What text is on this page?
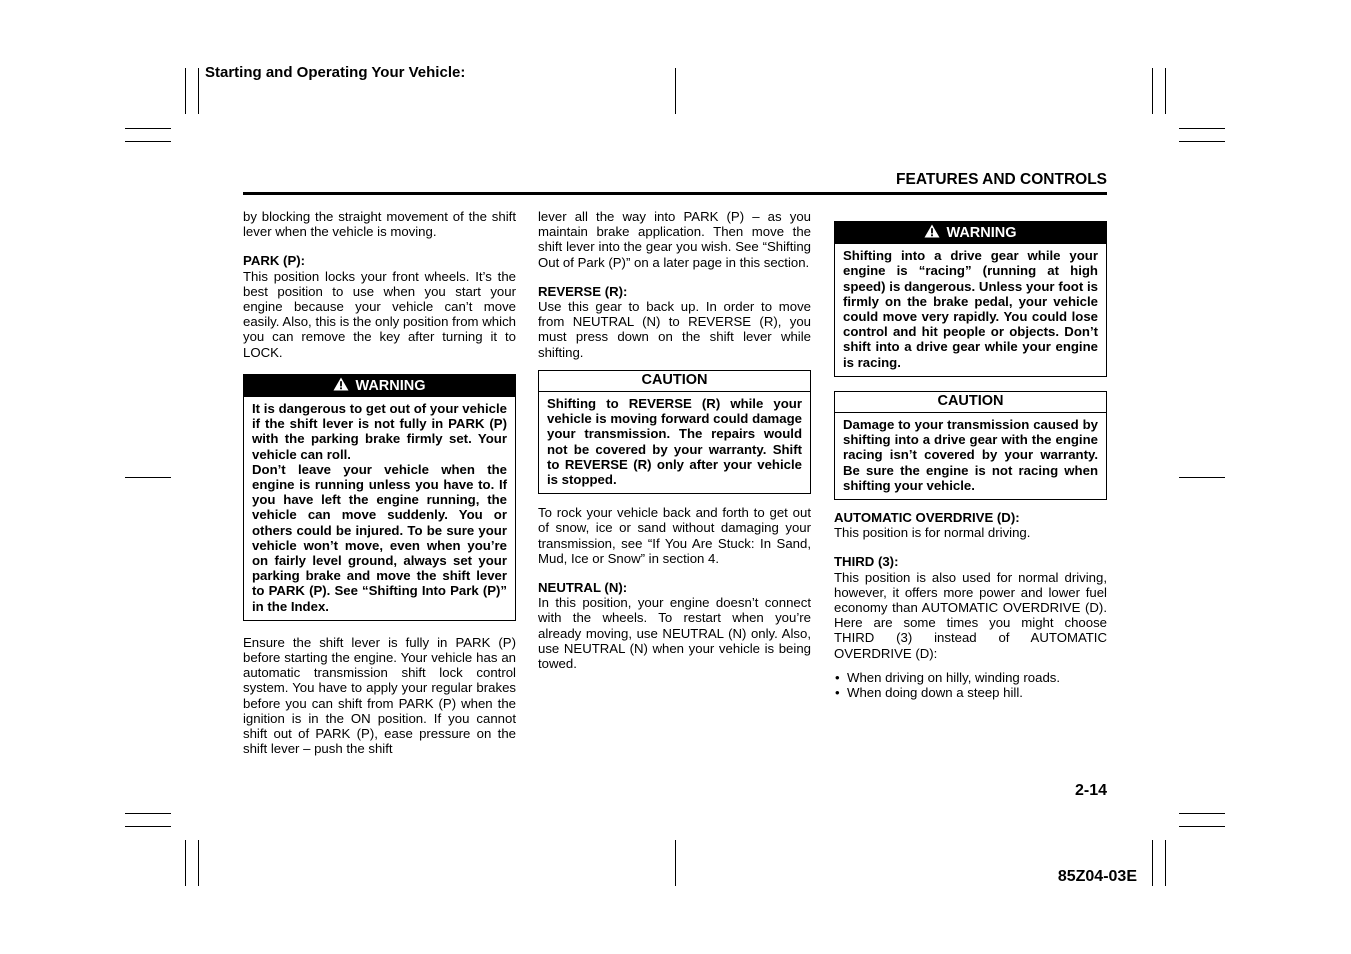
Starting and Operating Your Vehicle:
FEATURES AND CONTROLS

by blocking the straight movement of the shift lever when the vehicle is moving.

PARK (P):

This position locks your front wheels. It’s the best position to use when you start your engine because your vehicle can’t move easily. Also, this is the only position from which you can remove the key after turning it to LOCK.

WARNING

It is dangerous to get out of your vehicle if the shift lever is not fully in PARK (P) with the parking brake firmly set. Your vehicle can roll.

Don’t leave your vehicle when the engine is running unless you have to. If you have left the engine running, the vehicle can move suddenly. You or others could be injured. To be sure your vehicle won’t move, even when you’re on fairly level ground, always set your parking brake and move the shift lever to PARK (P). See “Shifting Into Park (P)” in the Index.

Ensure the shift lever is fully in PARK (P) before starting the engine. Your vehicle has an automatic transmission shift lock control system. You have to apply your regular brakes before you can shift from PARK (P) when the ignition is in the ON position. If you cannot shift out of PARK (P), ease pressure on the shift lever – push the shift

lever all the way into PARK (P) – as you maintain brake application. Then move the shift lever into the gear you wish. See “Shifting Out of Park (P)” on a later page in this section.

REVERSE (R):

Use this gear to back up. In order to move from NEUTRAL (N) to REVERSE (R), you must press down on the shift lever while shifting.

CAUTION

Shifting to REVERSE (R) while your vehicle is moving forward could damage your transmission. The repairs would not be covered by your warranty. Shift to REVERSE (R) only after your vehicle is stopped.

To rock your vehicle back and forth to get out of snow, ice or sand without damaging your transmission, see “If You Are Stuck: In Sand, Mud, Ice or Snow” in section 4.

NEUTRAL (N):

In this position, your engine doesn’t connect with the wheels. To restart when you’re already moving, use NEUTRAL (N) only. Also, use NEUTRAL (N) when your vehicle is being towed.

WARNING

Shifting into a drive gear while your engine is “racing” (running at high speed) is dangerous. Unless your foot is firmly on the brake pedal, your vehicle could move very rapidly. You could lose control and hit people or objects. Don’t shift into a drive gear while your engine is racing.

CAUTION

Damage to your transmission caused by shifting into a drive gear with the engine racing isn’t covered by your warranty. Be sure the engine is not racing when shifting your vehicle.

AUTOMATIC OVERDRIVE (D):

This position is for normal driving.

THIRD (3):

This position is also used for normal driving, however, it offers more power and lower fuel economy than AUTOMATIC OVERDRIVE (D). Here are some times you might choose THIRD (3) instead of AUTOMATIC OVERDRIVE (D):

• When driving on hilly, winding roads.
• When doing down a steep hill.
2-14
85Z04-03E
